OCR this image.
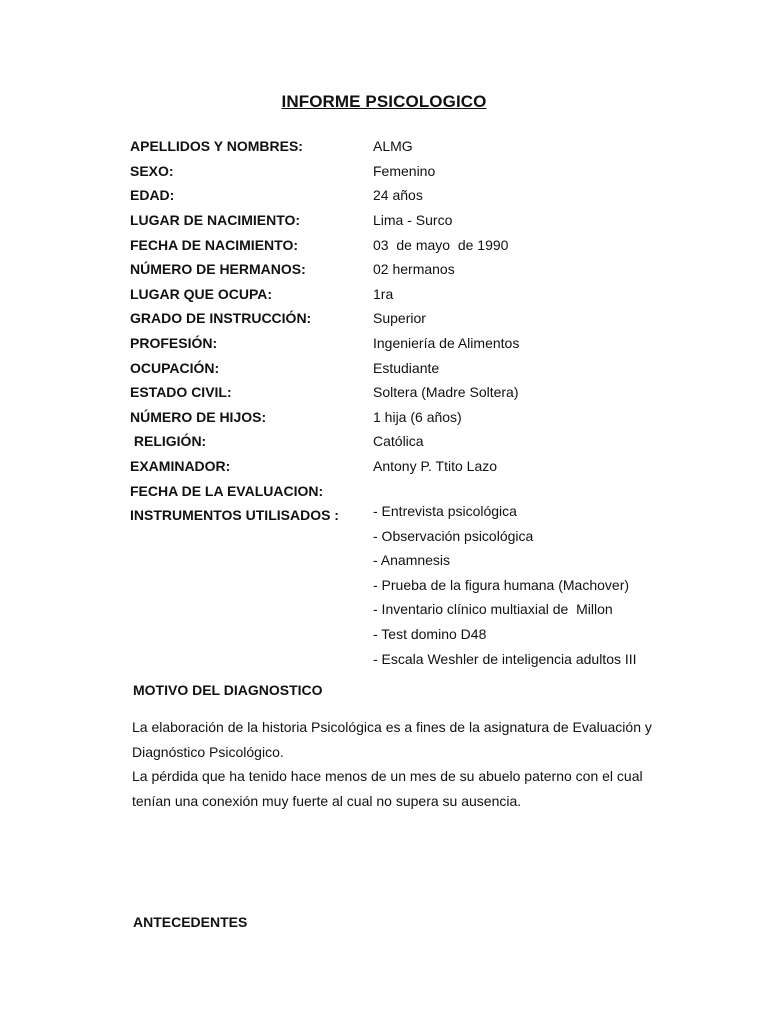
INFORME PSICOLOGICO
APELLIDOS Y NOMBRES:	ALMG
SEXO:	Femenino
EDAD:	24 años
LUGAR DE NACIMIENTO:	Lima - Surco
FECHA DE NACIMIENTO:	03  de mayo  de 1990
NÚMERO DE HERMANOS:	02 hermanos
LUGAR QUE OCUPA:	1ra
GRADO DE INSTRUCCIÓN:	Superior
PROFESIÓN:	Ingeniería de Alimentos
OCUPACIÓN:	Estudiante
ESTADO CIVIL:	Soltera (Madre Soltera)
NÚMERO DE HIJOS:	1 hija (6 años)
RELIGIÓN:	Católica
EXAMINADOR:	Antony P. Ttito Lazo
FECHA DE LA EVALUACION:
INSTRUMENTOS UTILISADOS :	- Entrevista psicológica
- Observación psicológica
- Anamnesis
- Prueba de la figura humana (Machover)
- Inventario clínico multiaxial de  Millon
- Test domino D48
- Escala Weshler de inteligencia adultos III
MOTIVO DEL DIAGNOSTICO

La elaboración de la historia Psicológica es a fines de la asignatura de Evaluación y Diagnóstico Psicológico.

La pérdida que ha tenido hace menos de un mes de su abuelo paterno con el cual tenían una conexión muy fuerte al cual no supera su ausencia.

ANTECEDENTES
